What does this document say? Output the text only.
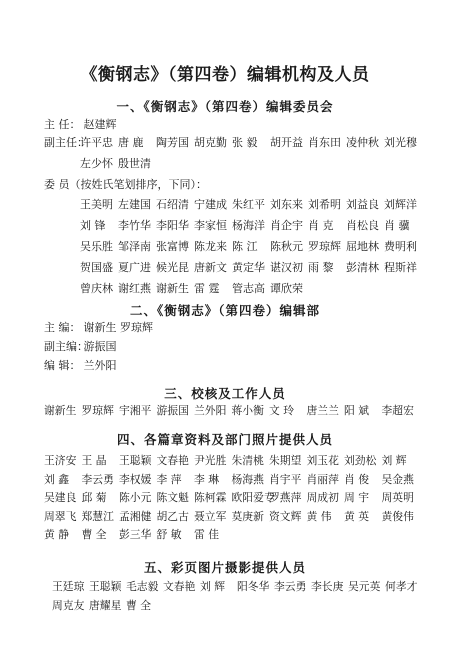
《衡钢志》（第四卷）编辑机构及人员
一、《衡钢志》（第四卷）编辑委员会
主 任： 赵建辉
副主任：
许平忠 唐 鹿 陶芳国 胡克勤 张 毅 胡开益 肖东田 凌仲秋 刘光穆
左少怀 殷世清
委 员（按姓氏笔划排序，下同）：
王美明 左建国 石绍清 宁建成 朱红平 刘东来 刘希明 刘益良 刘辉洋
刘 锋 李竹华 李阳华 李家恒 杨海洋 肖企宇 肖 克 肖松良 肖 骥
吴乐胜 邹泽南 张富博 陈龙来 陈 江 陈秋元 罗琼辉 屈地林 费明利
贺国盛 夏广进 候光昆 唐新文 黄定华 谌汉初 雨 黎 彭清林 程斯祥
曾庆林 谢红燕 谢新生 雷 霆 管志高 谭欣荣
二、《衡钢志》（第四卷）编辑部
主 编： 谢新生 罗琼辉
副主编： 游振国
编 辑： 兰外阳
三、校核及工作人员
谢新生 罗琼辉 宇湘平 游振国 兰外阳 蒋小衡 文 玲 唐兰兰 阳 斌 李超宏

四、各篇章资料及部门照片提供人员
王济安 王 晶 王聪颖 文春艳 尹光胜 朱清桃 朱期望 刘玉花 刘劲松 刘 辉
刘 鑫 李云勇 李权媛 李 萍 李 琳 杨海燕 肖宇平 肖丽萍 肖 俊 吴金燕
吴建良 邱 菊 陈小元 陈文魁 陈柯霖 欧阳爱专罗燕萍 周成初 周 宇 周英明
周翠飞 郑慧江 孟湘健 胡乙古 聂立军 莫庚新 资文辉 黄 伟 黄 英 黄俊伟
黄 静 曹 全 彭三华 舒 敏 雷 佳
五、彩页图片摄影提供人员
王廷琼 王聪颖 毛志毅 文春艳 刘 辉 阳冬华 李云勇 李长庚 吴元英 何孝才
周克友 唐耀星 曹 全
